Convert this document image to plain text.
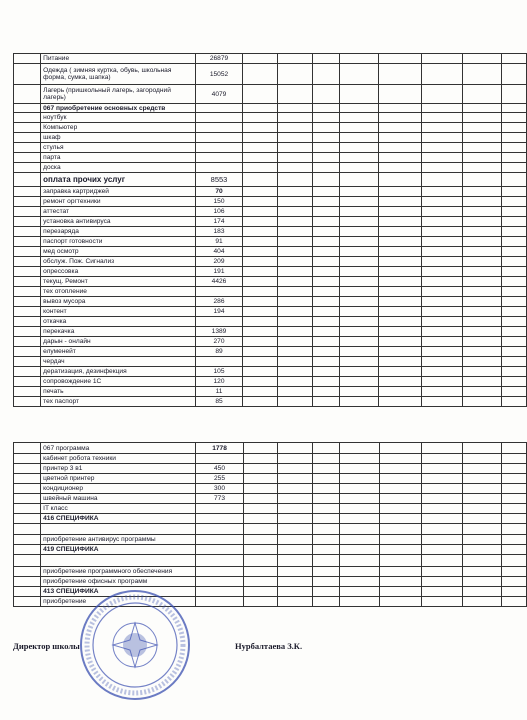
	Питание	26879								
	Одежда ( зимняя куртка, обувь, школьная форма, сумка, шапка)	15052								
	Лагерь (пришкольный лагерь, загородний лагерь)	4079								
	067 приобретение основных средств									
	ноутбук									
	Компьютер									
	шкаф									
	стулья									
	парта									
	доска									
	оплата прочих услуг	8553								
	заправка картриджей	70								
	ремонт оргтехники	150								
	аттестат	106								
	установка антивируса	174								
	перезаряда	183								
	паспорт готовности	91								
	мед осмотр	404								
	обслуж. Пож. Сигнализ	209								
	опрессовка	191								
	текущ. Ремонт	4426								
	тех отопление									
	вывоз мусора	286								
	контент	194								
	откачка									
	перекачка	1389								
	дарын - онлайн	270								
	елуменейт	89								
	чердач									
	дератизация, дезинфекция	105								
	сопровождение 1С	120								
	печать	11								
	тех паспорт	85								
	067 программа	1778								
	кабинет робота техники									
	принтер 3 в1	450								
	цветной принтер	255								
	кондиционер	300								
	швейный машина	773								
	IT класс									
	416 СПЕЦИФИКА									

	приобретение антивирус программы									
	419 СПЕЦИФИКА									

	приобретение программного обеспечения									
	приобретение офисных программ									
	413 СПЕЦИФИКА									
	приобретение									
Директор школы	Нурбалтаева З.К.
